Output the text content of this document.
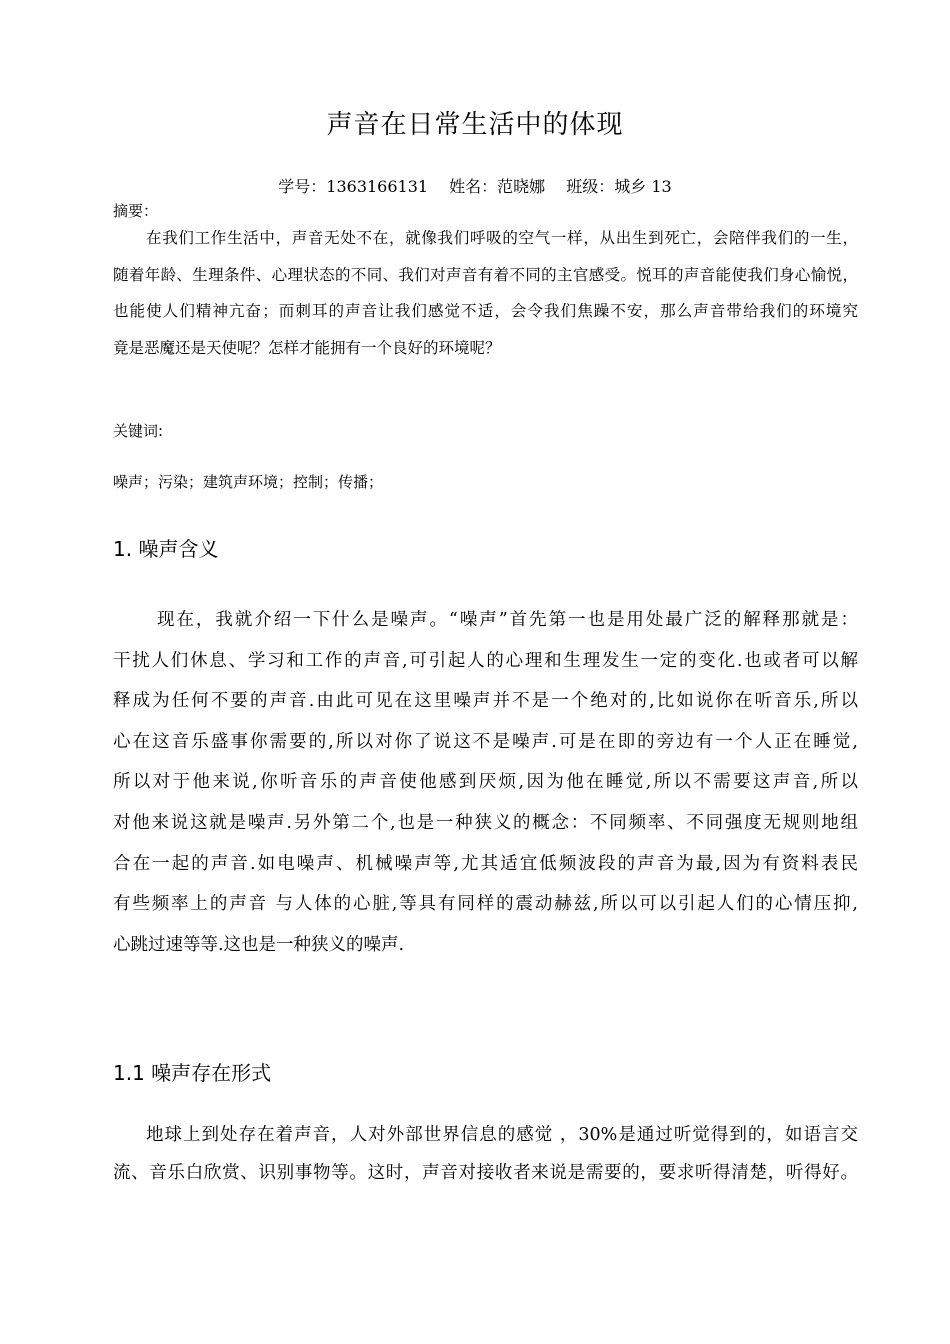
声音在日常生活中的体现
学号：1363166131　 姓名：范晓娜　 班级：城乡 13
摘要：
在我们工作生活中，声音无处不在，就像我们呼吸的空气一样，从出生到死亡，会陪伴我们的一生，
随着年龄、生理条件、心理状态的不同、我们对声音有着不同的主官感受。悦耳的声音能使我们身心愉悦，
也能使人们精神亢奋；而刺耳的声音让我们感觉不适，会令我们焦躁不安，那么声音带给我们的环境究
竟是恶魔还是天使呢？怎样才能拥有一个良好的环境呢？
关键词:
噪声；污染；建筑声环境；控制；传播；
1. 噪声含义
现在，我就介绍一下什么是噪声。“噪声”首先第一也是用处最广泛的解释那就是：
干扰人们休息、学习和工作的声音,可引起人的心理和生理发生一定的变化.也或者可以解
释成为任何不要的声音.由此可见在这里噪声并不是一个绝对的,比如说你在听音乐,所以
心在这音乐盛事你需要的,所以对你了说这不是噪声.可是在即的旁边有一个人正在睡觉,
所以对于他来说,你听音乐的声音使他感到厌烦,因为他在睡觉,所以不需要这声音,所以
对他来说这就是噪声.另外第二个,也是一种狭义的概念：不同频率、不同强度无规则地组
合在一起的声音.如电噪声、机械噪声等,尤其适宜低频波段的声音为最,因为有资料表民
有些频率上的声音 与人体的心脏,等具有同样的震动赫兹,所以可以引起人们的心情压抑,
心跳过速等等.这也是一种狭义的噪声.
1.1 噪声存在形式
地球上到处存在着声音，人对外部世界信息的感觉 ，30%是通过听觉得到的，如语言交
流、音乐白欣赏、识别事物等。这时，声音对接收者来说是需要的，要求听得清楚，听得好。
